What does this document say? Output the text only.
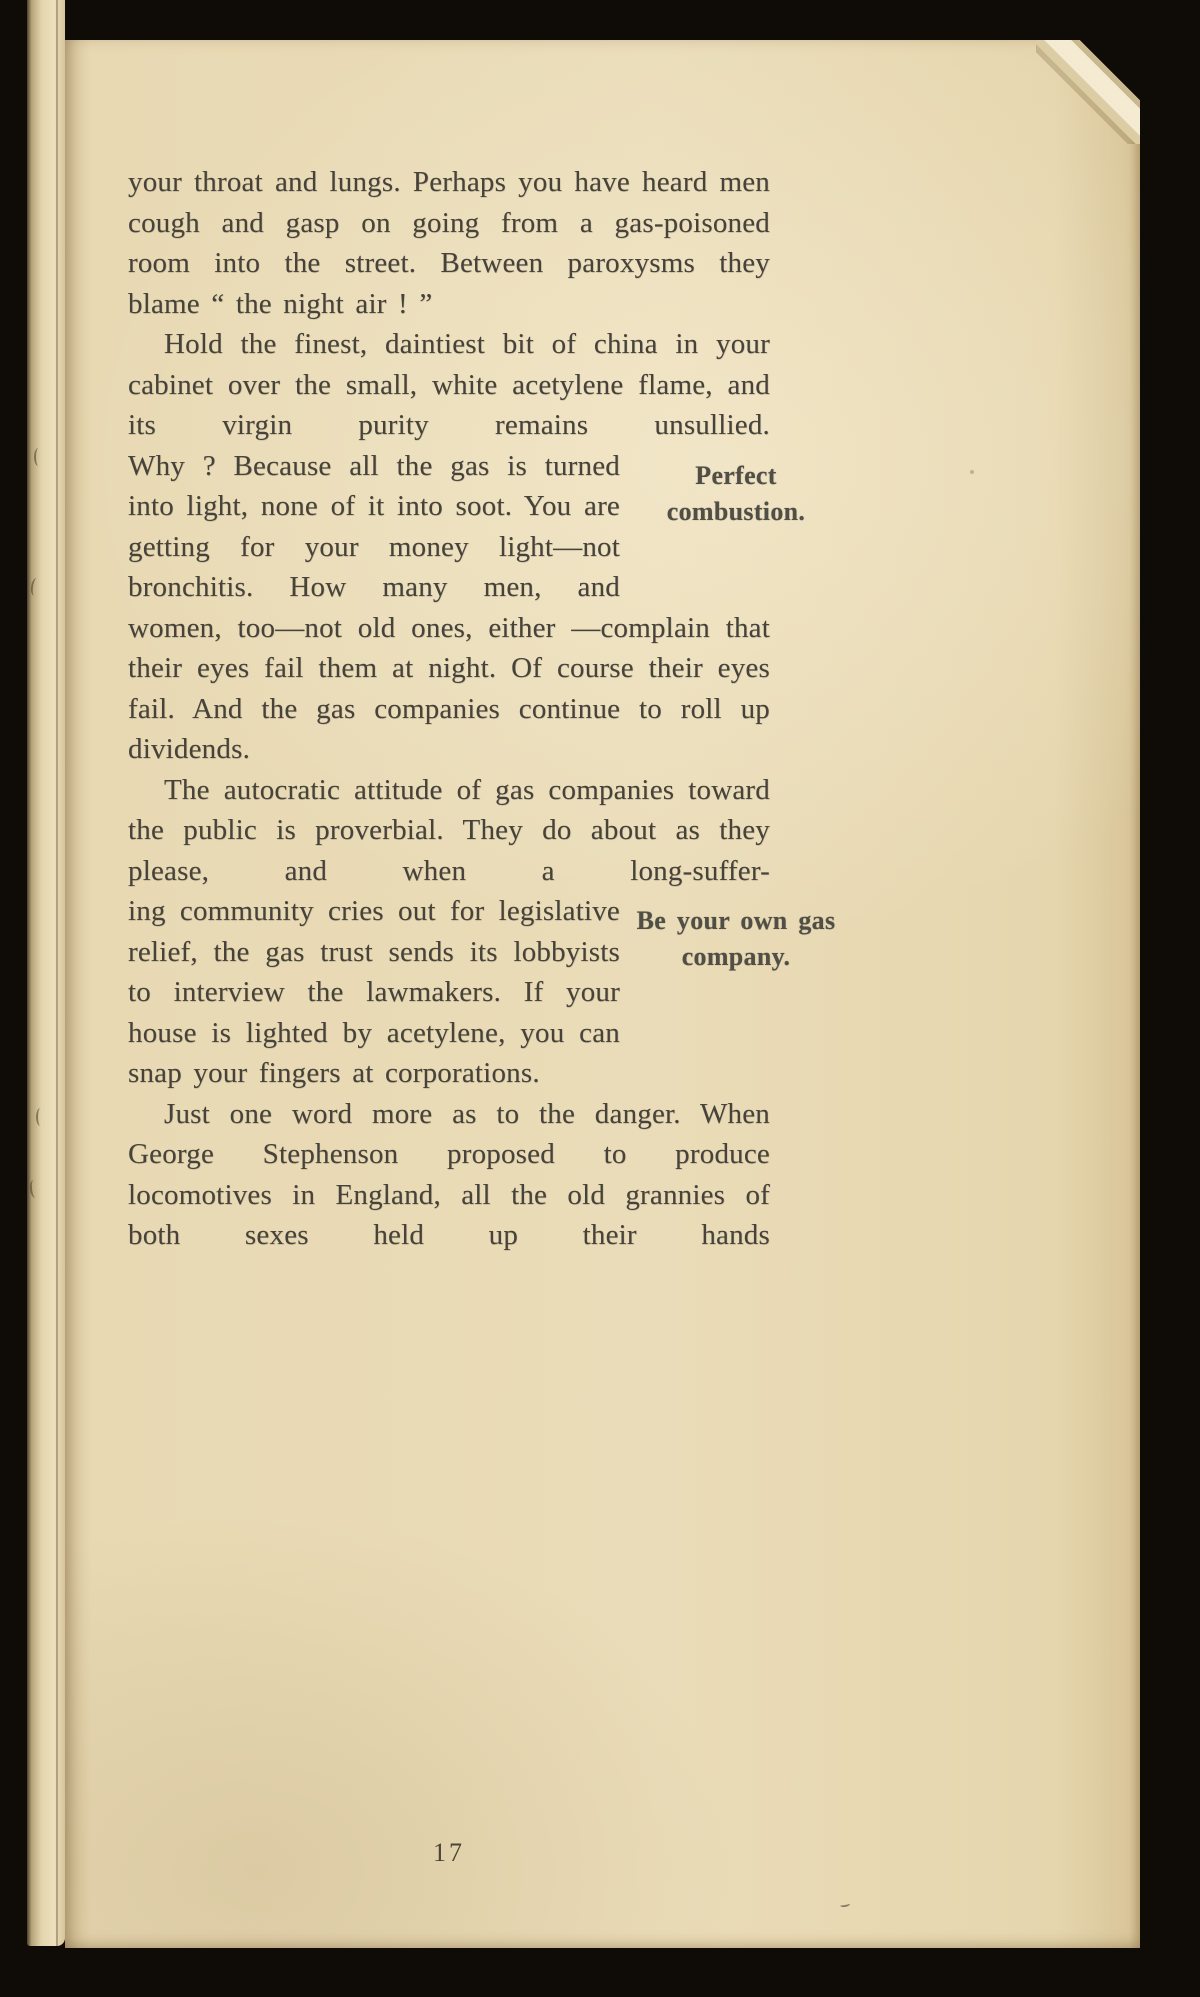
your throat and lungs. Perhaps you have heard men cough and gasp on going from a gas-poisoned room into the street. Between paroxysms they blame “ the night air ! ”

Hold the finest, daintiest bit of china in your cabinet over the small, white acetylene flame, and its virgin purity remains unsullied.

Perfect combustion.
Why ? Because all the gas is turned into light, none of it into soot. You are getting for your money light—not bronchitis. How many men, and women, too—not old ones, either —complain that their eyes fail them at night. Of course their eyes fail. And the gas companies continue to roll up dividends.

The autocratic attitude of gas companies toward the public is proverbial. They do about as they please, and when a long-suffer-

Be your own gas company.
ing community cries out for legislative relief, the gas trust sends its lobbyists to interview the lawmakers. If your house is lighted by acetylene, you can snap your fingers at corporations.

Just one word more as to the danger. When George Stephenson proposed to produce locomotives in England, all the old grannies of both sexes held up their hands

17
